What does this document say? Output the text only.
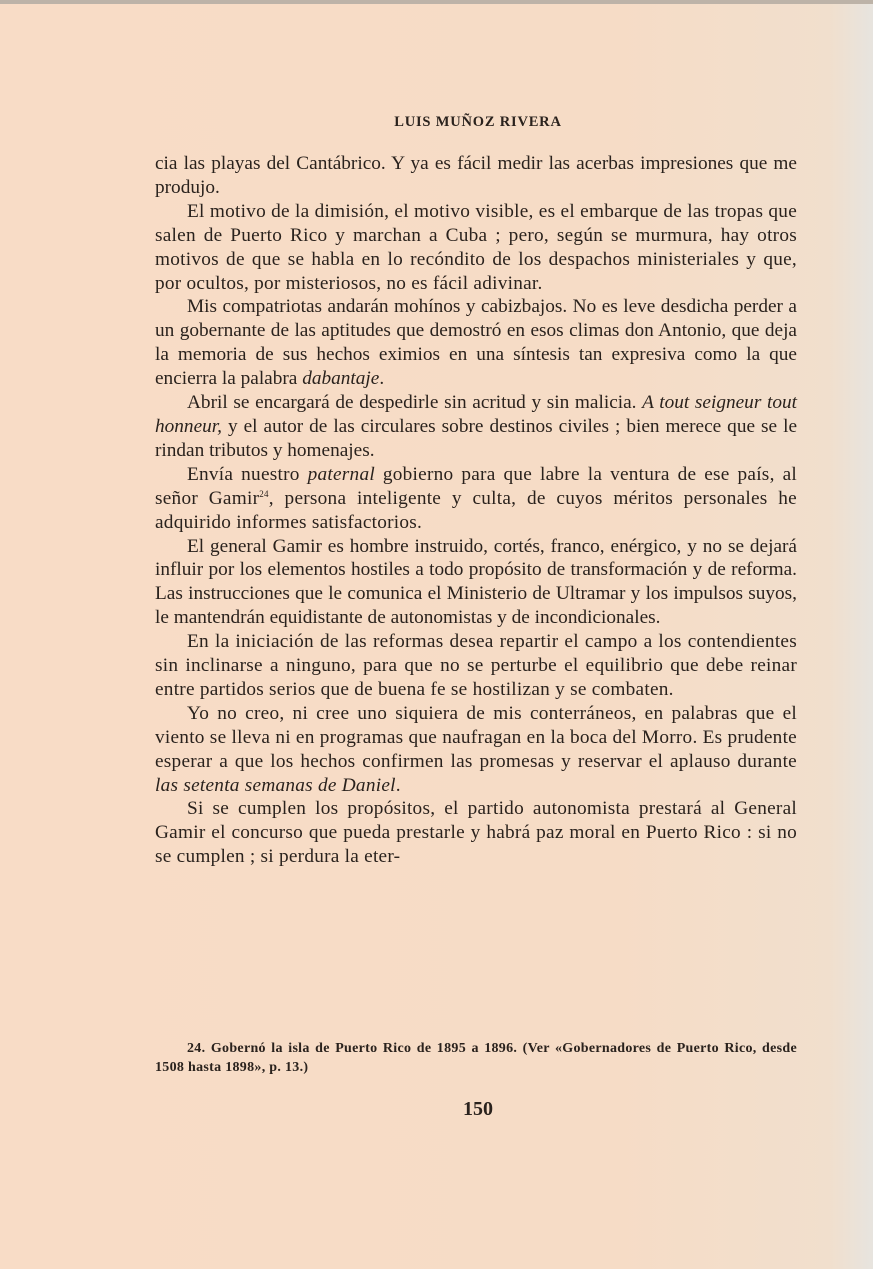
LUIS MUÑOZ RIVERA

cia las playas del Cantábrico. Y ya es fácil medir las acerbas impresiones que me produjo.

El motivo de la dimisión, el motivo visible, es el embarque de las tropas que salen de Puerto Rico y marchan a Cuba ; pero, según se murmura, hay otros motivos de que se habla en lo recóndito de los despachos ministeriales y que, por ocultos, por misteriosos, no es fácil adivinar.

Mis compatriotas andarán mohínos y cabizbajos. No es leve desdicha perder a un gobernante de las aptitudes que demostró en esos climas don Antonio, que deja la memoria de sus hechos eximios en una síntesis tan expresiva como la que encierra la palabra dabantaje.

Abril se encargará de despedirle sin acritud y sin malicia. A tout seigneur tout honneur, y el autor de las circulares sobre destinos civiles ; bien merece que se le rindan tributos y homenajes.

Envía nuestro paternal gobierno para que labre la ventura de ese país, al señor Gamir$^{24}$, persona inteligente y culta, de cuyos méritos personales he adquirido informes satisfactorios.

El general Gamir es hombre instruido, cortés, franco, enérgico, y no se dejará influir por los elementos hostiles a todo propósito de transformación y de reforma. Las instrucciones que le comunica el Ministerio de Ultramar y los impulsos suyos, le mantendrán equidistante de autonomistas y de incondicionales.

En la iniciación de las reformas desea repartir el campo a los contendientes sin inclinarse a ninguno, para que no se perturbe el equilibrio que debe reinar entre partidos serios que de buena fe se hostilizan y se combaten.

Yo no creo, ni cree uno siquiera de mis conterráneos, en palabras que el viento se lleva ni en programas que naufragan en la boca del Morro. Es prudente esperar a que los hechos confirmen las promesas y reservar el aplauso durante las setenta semanas de Daniel.

Si se cumplen los propósitos, el partido autonomista prestará al General Gamir el concurso que pueda prestarle y habrá paz moral en Puerto Rico : si no se cumplen ; si perdura la eter-

24. Gobernó la isla de Puerto Rico de 1895 a 1896. (Ver «Gobernadores de Puerto Rico, desde 1508 hasta 1898», p. 13.)
150
